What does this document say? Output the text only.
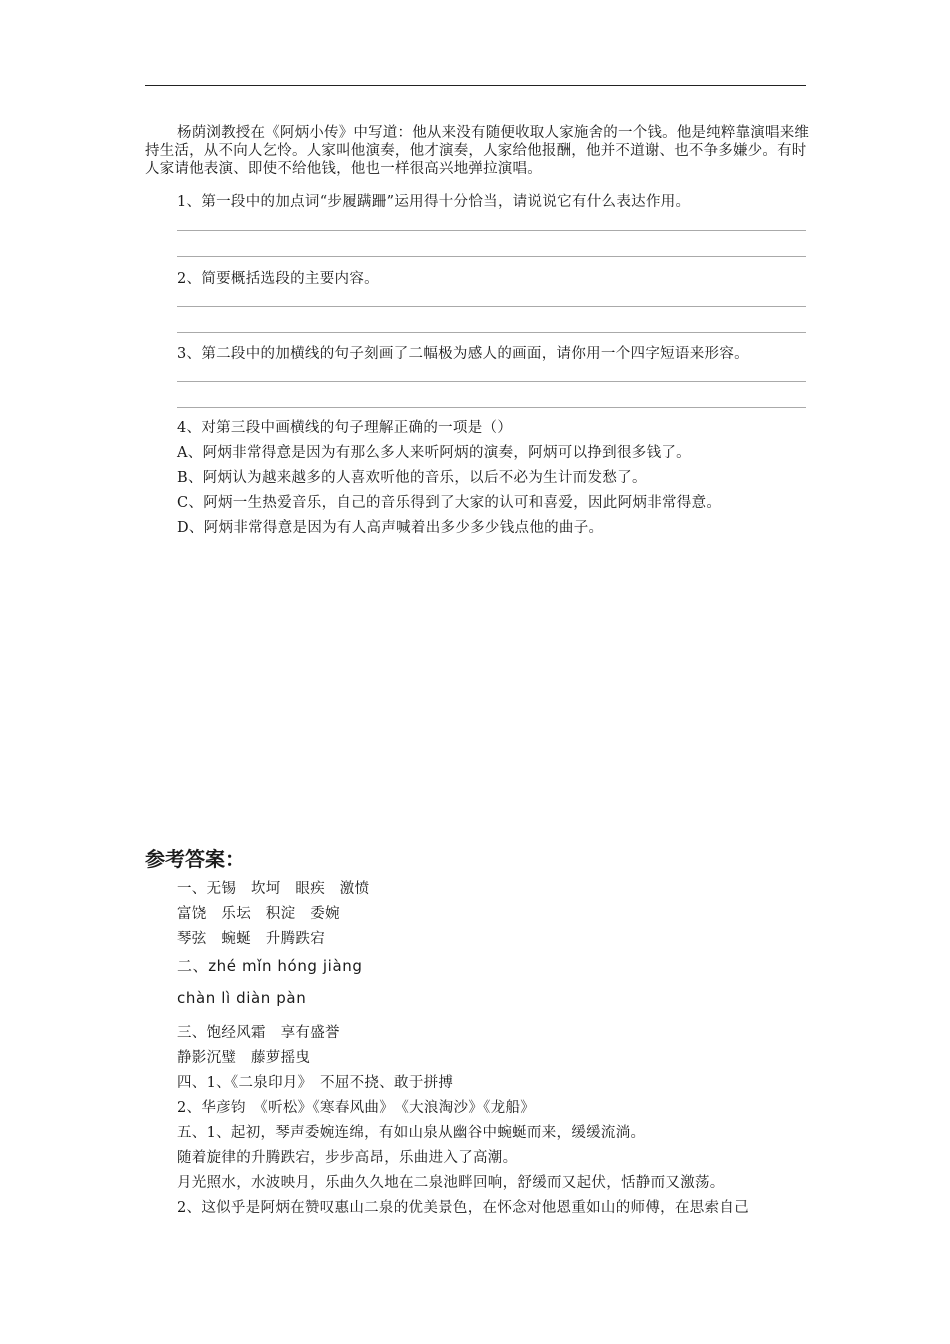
杨荫浏教授在《阿炳小传》中写道：他从来没有随便收取人家施舍的一个钱。他是纯粹靠演唱来维持生活，从不向人乞怜。人家叫他演奏，他才演奏，人家给他报酬，他并不道谢、也不争多嫌少。有时人家请他表演、即使不给他钱，他也一样很高兴地弹拉演唱。
1、第一段中的加点词“步履蹒跚”运用得十分恰当，请说说它有什么表达作用。
2、简要概括选段的主要内容。
3、第二段中的加横线的句子刻画了二幅极为感人的画面，请你用一个四字短语来形容。
4、对第三段中画横线的句子理解正确的一项是（）
A、阿炳非常得意是因为有那么多人来听阿炳的演奏，阿炳可以挣到很多钱了。
B、阿炳认为越来越多的人喜欢听他的音乐，以后不必为生计而发愁了。
C、阿炳一生热爱音乐，自己的音乐得到了大家的认可和喜爱，因此阿炳非常得意。
D、阿炳非常得意是因为有人高声喊着出多少多少钱点他的曲子。
参考答案：
一、无锡　坎坷　眼疾　激愤
富饶　乐坛　积淀　委婉
琴弦　蜿蜒　升腾跌宕
二、zhé mǐn hóng jiàng
chàn lì diàn pàn
三、饱经风霜　享有盛誉
静影沉璧　藤萝摇曳
四、1、《二泉印月》　不屈不挠、敢于拼搏
2、华彦钧　《听松》《寒春风曲》　《大浪淘沙》《龙船》
五、1、起初，琴声委婉连绵，有如山泉从幽谷中蜿蜒而来，缓缓流淌。
随着旋律的升腾跌宕，步步高昂，乐曲进入了高潮。
月光照水，水波映月，乐曲久久地在二泉池畔回响，舒缓而又起伏，恬静而又激荡。
2、这似乎是阿炳在赞叹惠山二泉的优美景色，在怀念对他恩重如山的师傅，在思索自己
